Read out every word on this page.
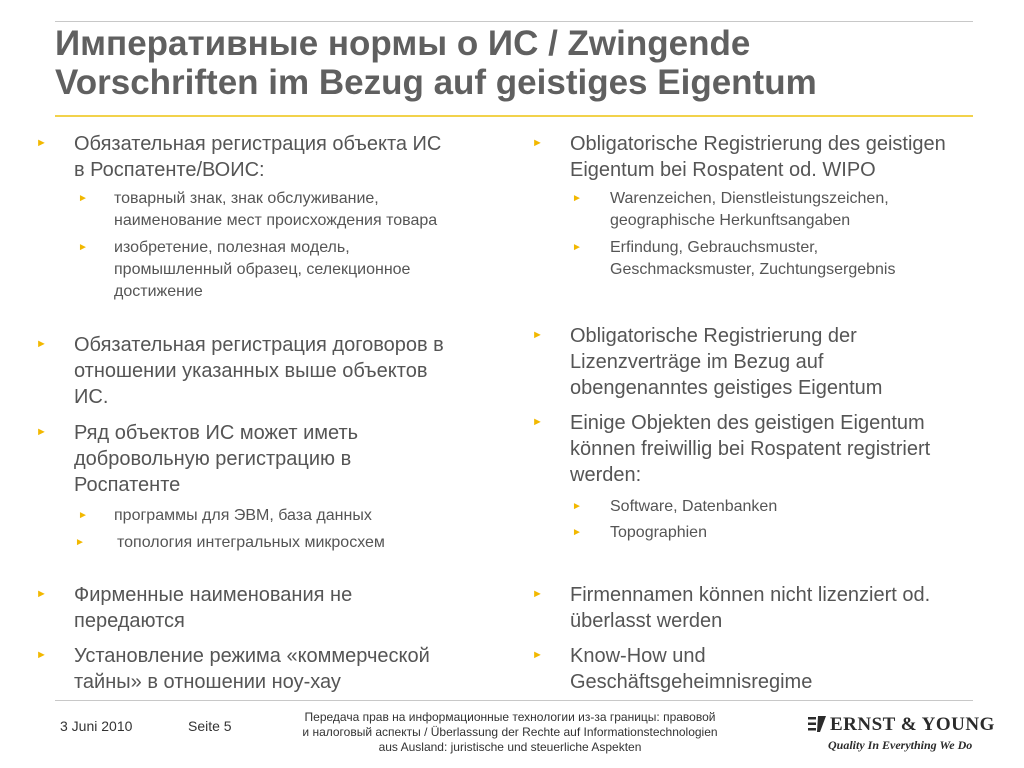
Императивные нормы о ИС / Zwingende
Vorschriften im Bezug auf geistiges Eigentum
► Обязательная регистрация объекта ИС
в Роспатенте/ВОИС:
► товарный знак, знак обслуживание,
наименование мест происхождения товара
► изобретение, полезная модель,
промышленный образец, селекционное
достижение
► Обязательная регистрация договоров в
отношении указанных выше объектов
ИС.
► Ряд объектов ИС может иметь
добровольную регистрацию в
Роспатенте
► программы для ЭВМ, база данных
► топология интегральных микросхем
► Фирменные наименования не
передаются
► Установление режима «коммерческой
тайны» в отношении ноу-хау
► Obligatorische Registrierung des geistigen
Eigentum bei Rospatent od. WIPO
► Warenzeichen, Dienstleistungszeichen,
geographische Herkunftsangaben
► Erfindung, Gebrauchsmuster,
Geschmacksmuster, Zuchtungsergebnis
► Obligatorische Registrierung der
Lizenzverträge im Bezug auf
obengenanntes geistiges Eigentum
► Einige Objekten des geistigen Eigentum
können freiwillig bei Rospatent registriert
werden:
► Software, Datenbanken
► Topographien
► Firmennamen können nicht lizenziert od.
überlasst werden
► Know-How und
Geschäftsgeheimnisregime
3 Juni 2010	Seite 5
Передача прав на информационные технологии из-за границы: правовой
и налоговый аспекты / Überlassung der Rechte auf Informationstechnologien
aus Ausland: juristische und steuerliche Aspekten
ERNST & YOUNG
Quality In Everything We Do
